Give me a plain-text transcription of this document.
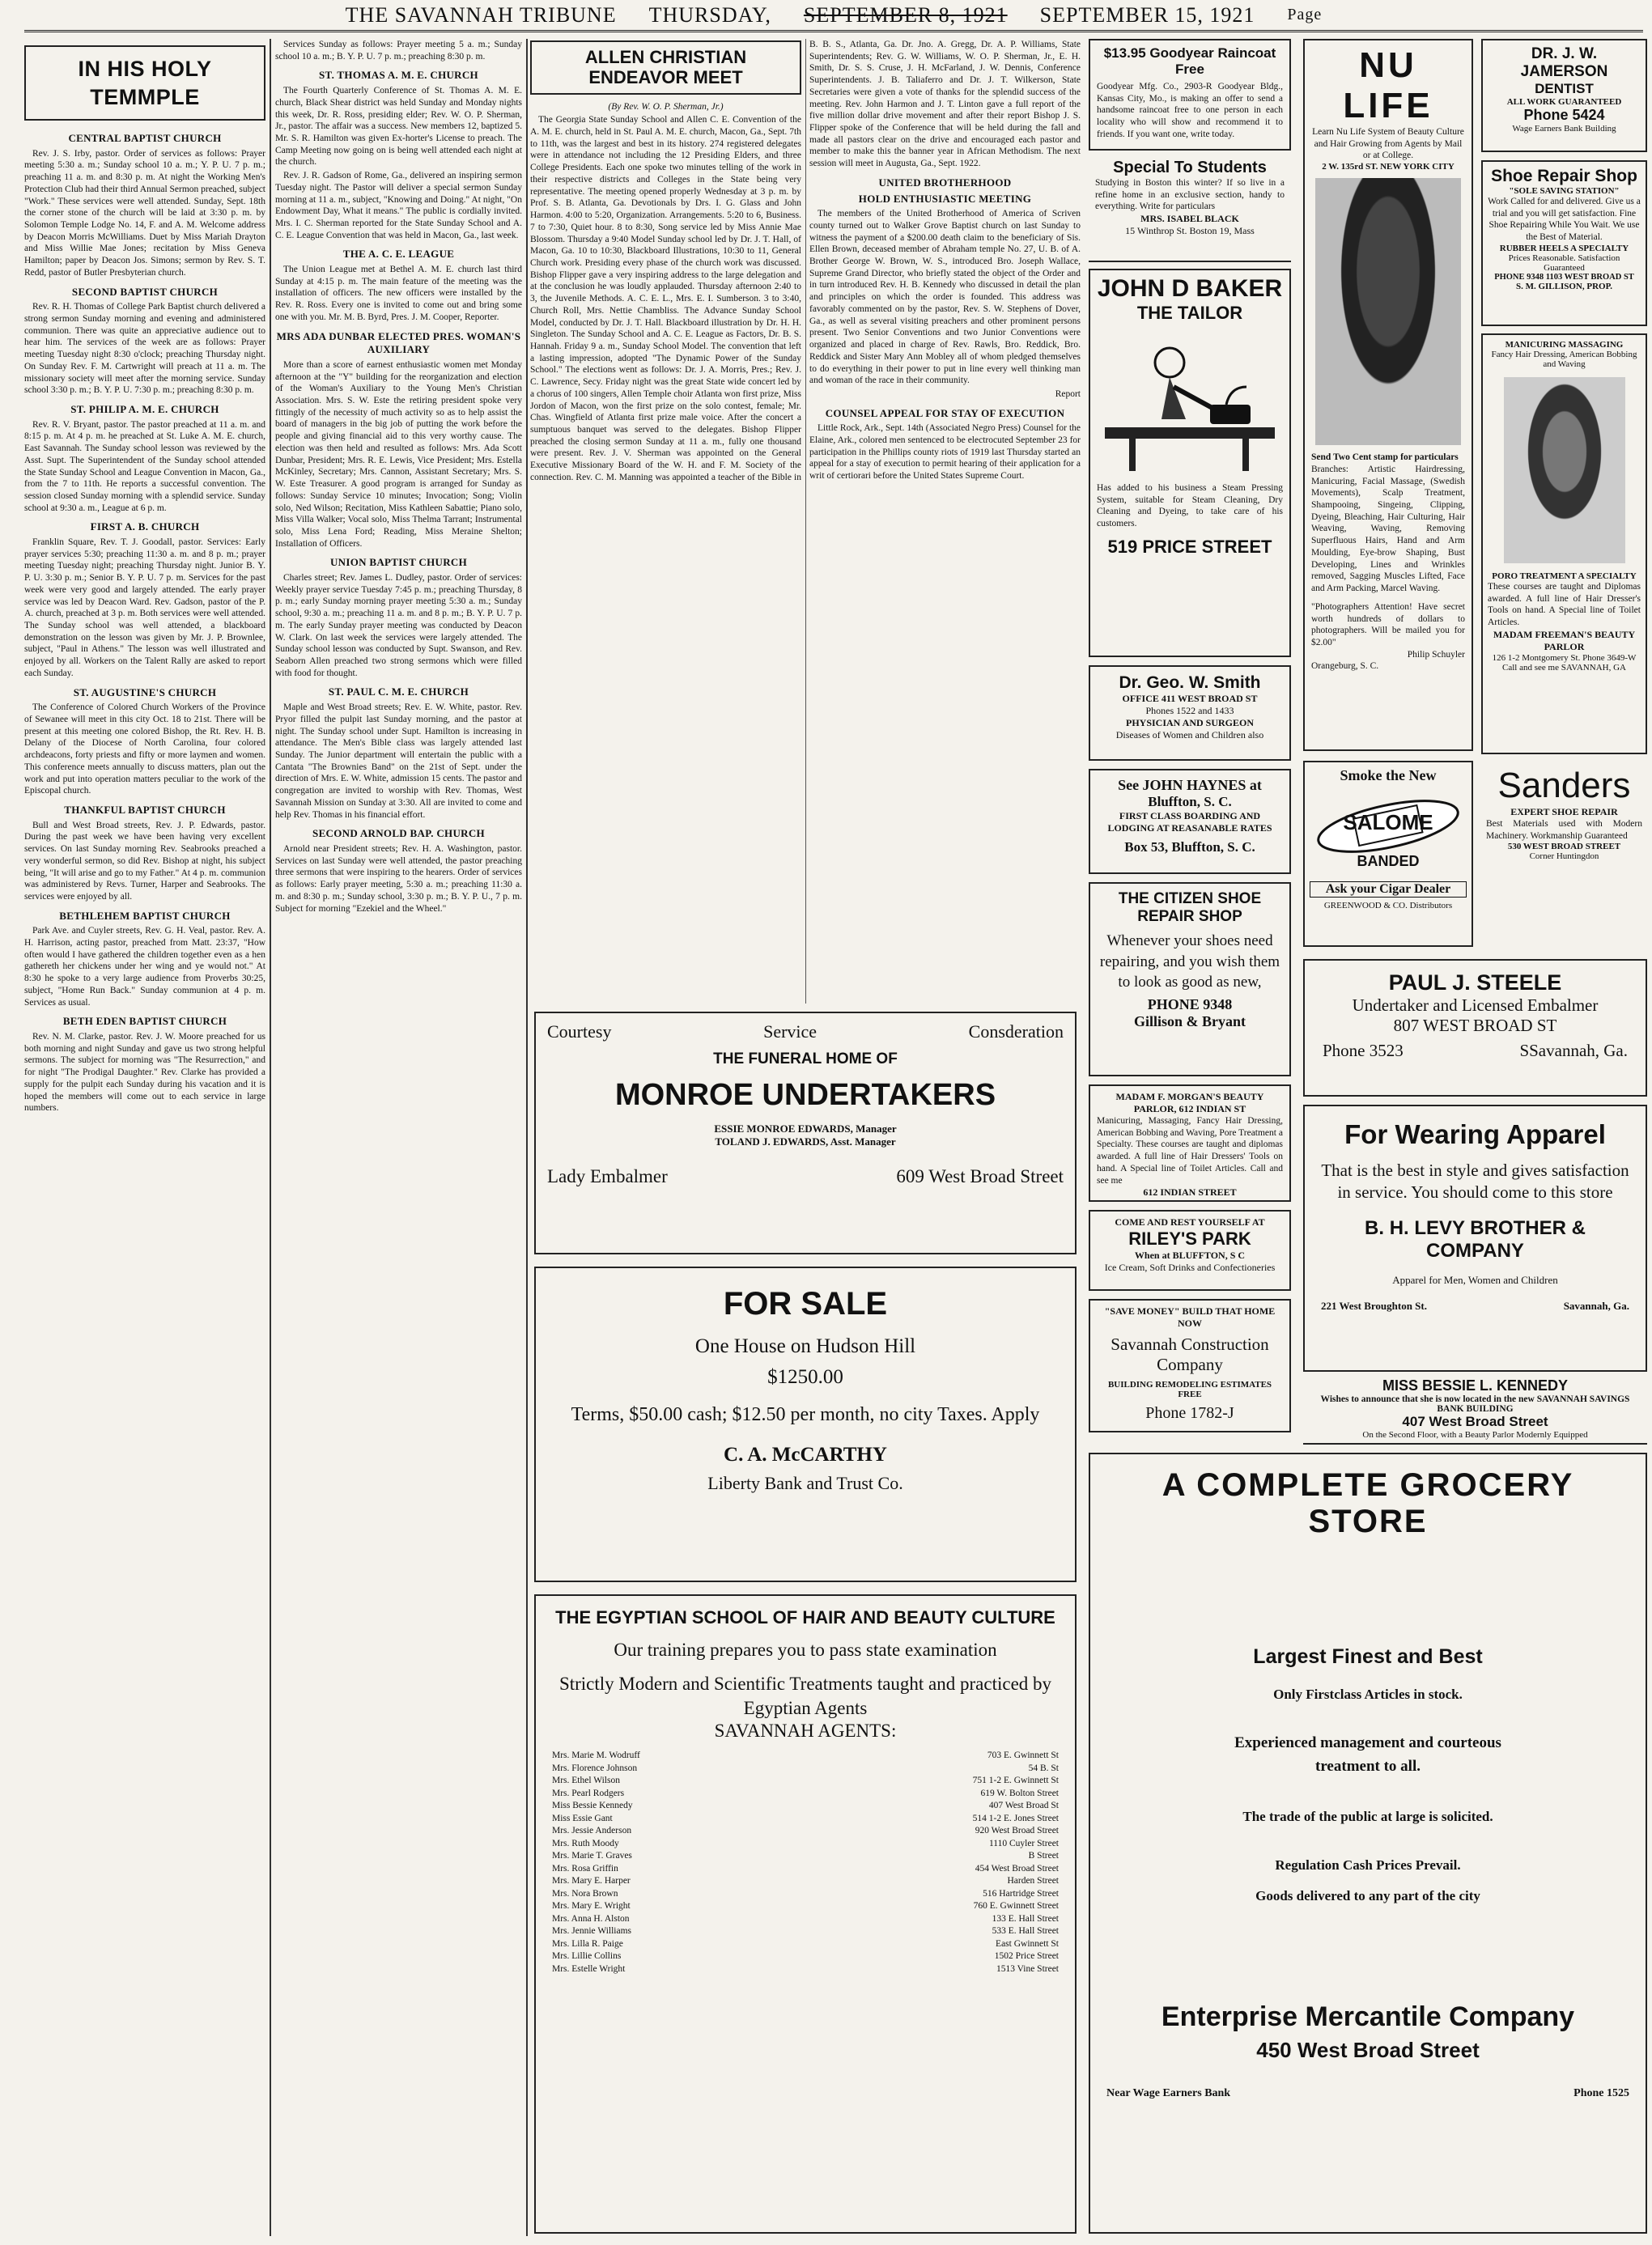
THE SAVANNAH TRIBUNE THURSDAY, SEPTEMBER 8, 1921 SEPTEMBER 15, 1921 Page
IN HIS HOLY TEMMPLE
CENTRAL BAPTIST CHURCH

Rev. J. S. Irby, pastor. Order of services as follows: Prayer meeting 5:30 a. m.; Sunday school 10 a. m.; Y. P. U. 7 p. m.; preaching 11 a. m. and 8:30 p. m. At night the Working Men's Protection Club had their third Annual Sermon preached, subject "Work." These services were well attended. Sunday, Sept. 18th the corner stone of the church will be laid at 3:30 p. m. by Solomon Temple Lodge No. 14, F. and A. M. Welcome address by Deacon Morris McWilliams. Duet by Miss Mariah Drayton and Miss Willie Mae Jones; recitation by Miss Geneva Hamilton; paper by Deacon Jos. Simons; sermon by Rev. S. T. Redd, pastor of Butler Presbyterian church.

SECOND BAPTIST CHURCH

Rev. R. H. Thomas of College Park Baptist church delivered a strong sermon Sunday morning and evening and administered communion. There was quite an appreciative audience out to hear him. The services of the week are as follows: Prayer meeting Tuesday night 8:30 o'clock; preaching Thursday night. On Sunday Rev. F. M. Cartwright will preach at 11 a. m. The missionary society will meet after the morning service. Sunday school 3:30 p. m.; B. Y. P. U. 7:30 p. m.; preaching 8:30 p. m.

ST. PHILIP A. M. E. CHURCH

Rev. R. V. Bryant, pastor. The pastor preached at 11 a. m. and 8:15 p. m. At 4 p. m. he preached at St. Luke A. M. E. church, East Savannah. The Sunday school lesson was reviewed by the Asst. Supt. The Superintendent of the Sunday school attended the State Sunday School and League Convention in Macon, Ga., from the 7 to 11th. He reports a successful convention. The session closed Sunday morning with a splendid service. Sunday school at 9:30 a. m., League at 6 p. m.

FIRST A. B. CHURCH

Franklin Square, Rev. T. J. Goodall, pastor. Services: Early prayer services 5:30; preaching 11:30 a. m. and 8 p. m.; prayer meeting Tuesday night; preaching Thursday night. Junior B. Y. P. U. 3:30 p. m.; Senior B. Y. P. U. 7 p. m. Services for the past week were very good and largely attended. The early prayer service was led by Deacon Ward. Rev. Gadson, pastor of the P. A. church, preached at 3 p. m. Both services were well attended. The Sunday school was well attended, a blackboard demonstration on the lesson was given by Mr. J. P. Brownlee, subject, "Paul in Athens." The lesson was well illustrated and enjoyed by all. Workers on the Talent Rally are asked to report each Sunday.

ST. AUGUSTINE'S CHURCH

The Conference of Colored Church Workers of the Province of Sewanee will meet in this city Oct. 18 to 21st. There will be present at this meeting one colored Bishop, the Rt. Rev. H. B. Delany of the Diocese of North Carolina, four colored archdeacons, forty priests and fifty or more laymen and women. This conference meets annually to discuss matters, plan out the work and put into operation matters peculiar to the work of the Episcopal church.

THANKFUL BAPTIST CHURCH

Bull and West Broad streets, Rev. J. P. Edwards, pastor. During the past week we have been having very excellent services. On last Sunday morning Rev. Seabrooks preached a very wonderful sermon, so did Rev. Bishop at night, his subject being, "It will arise and go to my Father." At 4 p. m. communion was administered by Revs. Turner, Harper and Seabrooks. The services were enjoyed by all.

BETHLEHEM BAPTIST CHURCH

Park Ave. and Cuyler streets, Rev. G. H. Veal, pastor. Rev. A. H. Harrison, acting pastor, preached from Matt. 23:37, "How often would I have gathered the children together even as a hen gathereth her chickens under her wing and ye would not." At 8:30 he spoke to a very large audience from Proverbs 30:25, subject, "Home Run Back." Sunday communion at 4 p. m. Services as usual.

BETH EDEN BAPTIST CHURCH

Rev. N. M. Clarke, pastor. Rev. J. W. Moore preached for us both morning and night Sunday and gave us two strong helpful sermons. The subject for morning was "The Resurrection," and for night "The Prodigal Daughter." Rev. Clarke has provided a supply for the pulpit each Sunday during his vacation and it is hoped the members will come out to each service in large numbers.

Services Sunday as follows: Prayer meeting 5 a. m.; Sunday school 10 a. m.; B. Y. P. U. 7 p. m.; preaching 8:30 p. m.

ST. THOMAS A. M. E. CHURCH

The Fourth Quarterly Conference of St. Thomas A. M. E. church, Black Shear district was held Sunday and Monday nights this week, Dr. R. Ross, presiding elder; Rev. W. O. P. Sherman, Jr., pastor. The affair was a success. New members 12, baptized 5. Mr. S. R. Hamilton was given Ex-horter's License to preach. The Camp Meeting now going on is being well attended each night at the church.

Rev. J. R. Gadson of Rome, Ga., delivered an inspiring sermon Tuesday night. The Pastor will deliver a special sermon Sunday morning at 11 a. m., subject, "Knowing and Doing." At night, "On Endowment Day, What it means." The public is cordially invited. Mrs. I. C. Sherman reported for the State Sunday School and A. C. E. League Convention that was held in Macon, Ga., last week.

THE A. C. E. LEAGUE

The Union League met at Bethel A. M. E. church last third Sunday at 4:15 p. m. The main feature of the meeting was the installation of officers. The new officers were installed by the Rev. R. Ross. Every one is invited to come out and bring some one with you. Mr. M. B. Byrd, Pres. J. M. Cooper, Reporter.

MRS ADA DUNBAR ELECTED PRES. WOMAN'S AUXILIARY

More than a score of earnest enthusiastic women met Monday afternoon at the "Y" building for the reorganization and election of the Woman's Auxiliary to the Young Men's Christian Association. Mrs. S. W. Este the retiring president spoke very fittingly of the necessity of much activity so as to help assist the board of managers in the big job of putting the work before the people and giving financial aid to this very worthy cause. The election was then held and resulted as follows: Mrs. Ada Scott Dunbar, President; Mrs. R. E. Lewis, Vice President; Mrs. Estella McKinley, Secretary; Mrs. Cannon, Assistant Secretary; Mrs. S. W. Este Treasurer. A good program is arranged for Sunday as follows: Sunday Service 10 minutes; Invocation; Song; Violin solo, Ned Wilson; Recitation, Miss Kathleen Sabattie; Piano solo, Miss Villa Walker; Vocal solo, Miss Thelma Tarrant; Instrumental solo, Miss Lena Ford; Reading, Miss Meraine Shelton; Installation of Officers.

UNION BAPTIST CHURCH

Charles street; Rev. James L. Dudley, pastor. Order of services: Weekly prayer service Tuesday 7:45 p. m.; preaching Thursday, 8 p. m.; early Sunday morning prayer meeting 5:30 a. m.; Sunday school, 9:30 a. m.; preaching 11 a. m. and 8 p. m.; B. Y. P. U. 7 p. m. The early Sunday prayer meeting was conducted by Deacon W. Clark. On last week the services were largely attended. The Sunday school lesson was conducted by Supt. Swanson, and Rev. Seaborn Allen preached two strong sermons which were filled with food for thought.

ST. PAUL C. M. E. CHURCH

Maple and West Broad streets; Rev. E. W. White, pastor. Rev. Pryor filled the pulpit last Sunday morning, and the pastor at night. The Sunday school under Supt. Hamilton is increasing in attendance. The Men's Bible class was largely attended last Sunday. The Junior department will entertain the public with a Cantata "The Brownies Band" on the 21st of Sept. under the direction of Mrs. E. W. White, admission 15 cents. The pastor and congregation are invited to worship with Rev. Thomas, West Savannah Mission on Sunday at 3:30. All are invited to come and help Rev. Thomas in his financial effort.

SECOND ARNOLD BAP. CHURCH

Arnold near President streets; Rev. H. A. Washington, pastor. Services on last Sunday were well attended, the pastor preaching three sermons that were inspiring to the hearers. Order of services as follows: Early prayer meeting, 5:30 a. m.; preaching 11:30 a. m. and 8:30 p. m.; Sunday school, 3:30 p. m.; B. Y. P. U., 7 p. m. Subject for morning "Ezekiel and the Wheel."

ALLEN CHRISTIAN ENDEAVOR MEET

(By Rev. W. O. P. Sherman, Jr.)

The Georgia State Sunday School and Allen C. E. Convention of the A. M. E. church, held in St. Paul A. M. E. church, Macon, Ga., Sept. 7th to 11th, was the largest and best in its history. 274 registered delegates were in attendance not including the 12 Presiding Elders, and three College Presidents. Each one spoke two minutes telling of the work in their respective districts and Colleges in the State being very representative. The meeting opened properly Wednesday at 3 p. m. by Prof. S. B. Atlanta, Ga. Devotionals by Drs. I. G. Glass and John Harmon. 4:00 to 5:20, Organization. Arrangements. 5:20 to 6, Business. 7 to 7:30, Quiet hour. 8 to 8:30, Song service led by Miss Annie Mae Blossom. Thursday a 9:40 Model Sunday school led by Dr. J. T. Hall, of Macon, Ga. 10 to 10:30, Blackboard Illustrations, 10:30 to 11, General Church work. Presiding every phase of the church work was discussed. Bishop Flipper gave a very inspiring address to the large delegation and at the conclusion he was loudly applauded. Thursday afternoon 2:40 to 3, the Juvenile Methods. A. C. E. L., Mrs. E. I. Sumberson. 3 to 3:40, Church Roll, Mrs. Nettie Chambliss. The Advance Sunday School Model, conducted by Dr. J. T. Hall. Blackboard illustration by Dr. H. H. Singleton. The Sunday School and A. C. E. League as Factors, Dr. B. S. Hannah. Friday 9 a. m., Sunday School Model. The convention that left a lasting impression, adopted "The Dynamic Power of the Sunday School." The elections went as follows: Dr. J. A. Morris, Pres.; Rev. J. C. Lawrence, Secy. Friday night was the great State wide concert led by a chorus of 100 singers, Allen Temple choir Atlanta won first prize, Miss Jordon of Macon, won the first prize on the solo contest, female; Mr. Chas. Wingfield of Atlanta first prize male voice. After the concert a sumptuous banquet was served to the delegates. Bishop Flipper preached the closing sermon Sunday at 11 a. m., fully one thousand were present. Rev. J. V. Sherman was appointed on the General Executive Missionary Board of the W. H. and F. M. Society of the connection. Rev. C. M. Manning was appointed a teacher of the Bible in B. B. S., Atlanta, Ga. Dr. Jno. A. Gregg, Dr. A. P. Williams, State Superintendents; Rev. G. W. Williams, W. O. P. Sherman, Jr., E. H. Smith, Dr. S. S. Cruse, J. H. McFarland, J. W. Dennis, Conference Superintendents. J. B. Taliaferro and Dr. J. T. Wilkerson, State Secretaries were given a vote of thanks for the splendid success of the meeting. Rev. John Harmon and J. T. Linton gave a full report of the five million dollar drive movement and after their report Bishop J. S. Flipper spoke of the Conference that will be held during the fall and made all pastors clear on the drive and encouraged each pastor and member to make this the banner year in African Methodism. The next session will meet in Augusta, Ga., Sept. 1922.

UNITED BROTHERHOOD
HOLD ENTHUSIASTIC MEETING

The members of the United Brotherhood of America of Scriven county turned out to Walker Grove Baptist church on last Sunday to witness the payment of a $200.00 death claim to the beneficiary of Sis. Ellen Brown, deceased member of Abraham temple No. 27, U. B. of A. Brother George W. Brown, W. S., introduced Bro. Joseph Wallace, Supreme Grand Director, who briefly stated the object of the Order and in turn introduced Rev. H. B. Kennedy who discussed in detail the plan and principles on which the order is founded. This address was favorably commented on by the pastor, Rev. S. W. Stephens of Dover, Ga., as well as several visiting preachers and other prominent persons present. Two Senior Conventions and two Junior Conventions were organized and placed in charge of Rev. Rawls, Bro. Reddick, Bro. Reddick and Sister Mary Ann Mobley all of whom pledged themselves to do everything in their power to put in line every well thinking man and woman of the race in their community.

Report

COUNSEL APPEAL FOR STAY OF EXECUTION

Little Rock, Ark., Sept. 14th (Associated Negro Press) Counsel for the Elaine, Ark., colored men sentenced to be electrocuted September 23 for participation in the Phillips county riots of 1919 last Thursday started an appeal for a stay of execution to permit hearing of their application for a writ of certiorari before the United States Supreme Court.

Courtesy	Service	Consderation
THE FUNERAL HOME OF
MONROE UNDERTAKERS
ESSIE MONROE EDWARDS, Manager
TOLAND J. EDWARDS, Asst. Manager
Lady Embalmer	609 West Broad Street
FOR SALE
One House on Hudson Hill
$1250.00
Terms, $50.00 cash; $12.50 per month, no city Taxes. Apply
C. A. McCARTHY
Liberty Bank and Trust Co.
THE EGYPTIAN SCHOOL OF HAIR AND BEAUTY CULTURE
Our training prepares you to pass state examination
Strictly Modern and Scientific Treatments taught and practiced by Egyptian Agents
SAVANNAH AGENTS:
Mrs. Marie M. Wodruff	703 E. Gwinnett St
Mrs. Florence Johnson	54 B. St
Mrs. Ethel Wilson	751 1-2 E. Gwinnett St
Mrs. Pearl Rodgers	619 W. Bolton Street
Miss Bessie Kennedy	407 West Broad St
Miss Essie Gant	514 1-2 E. Jones Street
Mrs. Jessie Anderson	920 West Broad Street
Mrs. Ruth Moody	1110 Cuyler Street
Mrs. Marie T. Graves	B Street
Mrs. Rosa Griffin	454 West Broad Street
Mrs. Mary E. Harper	Harden Street
Mrs. Nora Brown	516 Hartridge Street
Mrs. Mary E. Wright	760 E. Gwinnett Street
Mrs. Anna H. Alston	133 E. Hall Street
Mrs. Jennie Williams	533 E. Hall Street
Mrs. Lilla R. Paige	East Gwinnett St
Mrs. Lillie Collins	1502 Price Street
Mrs. Estelle Wright	1513 Vine Street
$13.95 Goodyear Raincoat Free
Goodyear Mfg. Co., 2903-R Goodyear Bldg., Kansas City, Mo., is making an offer to send a handsome raincoat free to one person in each locality who will show and recommend it to friends. If you want one, write today.
Special To Students
Studying in Boston this winter? If so live in a refine home in an exclusive section, handy to everything. Write for particulars
MRS. ISABEL BLACK
15 Winthrop St. Boston 19, Mass
JOHN D BAKER
THE TAILOR
Has added to his business a Steam Pressing System, suitable for Steam Cleaning, Dry Cleaning and Dyeing, to take care of his customers.
519 PRICE STREET
Dr. Geo. W. Smith
OFFICE 411 WEST BROAD ST
Phones 1522 and 1433
PHYSICIAN AND SURGEON
Diseases of Women and Children also
See JOHN HAYNES at
Bluffton, S. C.
FIRST CLASS BOARDING AND LODGING AT REASANABLE RATES
Box 53, Bluffton, S. C.
THE CITIZEN SHOE REPAIR SHOP
Whenever your shoes need repairing, and you wish them to look as good as new,
PHONE 9348
Gillison & Bryant
MADAM F. MORGAN'S BEAUTY PARLOR, 612 INDIAN ST
Manicuring, Massaging, Fancy Hair Dressing, American Bobbing and Waving, Pore Treatment a Specialty. These courses are taught and diplomas awarded. A full line of Hair Dressers' Tools on hand. A Special line of Toilet Articles. Call and see me
612 INDIAN STREET
COME AND REST YOURSELF AT
RILEY'S PARK
When at BLUFFTON, S C
Ice Cream, Soft Drinks and Confectioneries
"SAVE MONEY" BUILD THAT HOME NOW
Savannah Construction Company
BUILDING REMODELING ESTIMATES FREE
Phone 1782-J
NU LIFE
Learn Nu Life System of Beauty Culture and Hair Growing from Agents by Mail or at College.
2 W. 135rd ST. NEW YORK CITY
Send Two Cent stamp for particulars
Branches: Artistic Hairdressing, Manicuring, Facial Massage, (Swedish Movements), Scalp Treatment, Shampooing, Singeing, Clipping, Dyeing, Bleaching, Hair Culturing, Hair Weaving, Waving, Removing Superfluous Hairs, Hand and Arm Moulding, Eye-brow Shaping, Bust Developing, Lines and Wrinkles removed, Sagging Muscles Lifted, Face and Arm Packing, Marcel Waving.
"Photographers Attention! Have secret worth hundreds of dollars to photographers. Will be mailed you for $2.00"
Philip Schuyler
Orangeburg, S. C.
DR. J. W. JAMERSON
DENTIST
ALL WORK GUARANTEED
Phone 5424
Wage Earners Bank Building
Shoe Repair Shop
"SOLE SAVING STATION"
Work Called for and delivered. Give us a trial and you will get satisfaction. Fine Shoe Repairing While You Wait. We use the Best of Material.
RUBBER HEELS A SPECIALTY
Prices Reasonable. Satisfaction Guaranteed
PHONE 9348 1103 WEST BROAD ST
S. M. GILLISON, PROP.
MANICURING MASSAGING
Fancy Hair Dressing, American Bobbing and Waving
PORO TREATMENT A SPECIALTY
These courses are taught and Diplomas awarded. A full line of Hair Dresser's Tools on hand. A Special line of Toilet Articles.
MADAM FREEMAN'S BEAUTY PARLOR
126 1-2 Montgomery St. Phone 3649-W
Call and see me SAVANNAH, GA
Smoke the New
SALOME
BANDED
Ask your Cigar Dealer
GREENWOOD & CO. Distributors
Sanders
EXPERT SHOE REPAIR
Best Materials used with Modern Machinery. Workmanship Guaranteed
530 WEST BROAD STREET
Corner Huntingdon
PAUL J. STEELE
Undertaker and Licensed Embalmer
807 WEST BROAD ST
Phone 3523	SSavannah, Ga.
For Wearing Apparel
That is the best in style and gives satisfaction in service. You should come to this store
B. H. LEVY BROTHER & COMPANY
Apparel for Men, Women and Children
221 West Broughton St.	Savannah, Ga.
MISS BESSIE L. KENNEDY
Wishes to announce that she is now located in the new SAVANNAH SAVINGS BANK BUILDING
407 West Broad Street
On the Second Floor, with a Beauty Parlor Modernly Equipped
A COMPLETE GROCERY STORE
Largest Finest and Best
Only Firstclass Articles in stock.
Experienced management and courteous treatment to all.
The trade of the public at large is solicited.
Regulation Cash Prices Prevail.
Goods delivered to any part of the city
Enterprise Mercantile Company
450 West Broad Street
Near Wage Earners Bank	Phone 1525
